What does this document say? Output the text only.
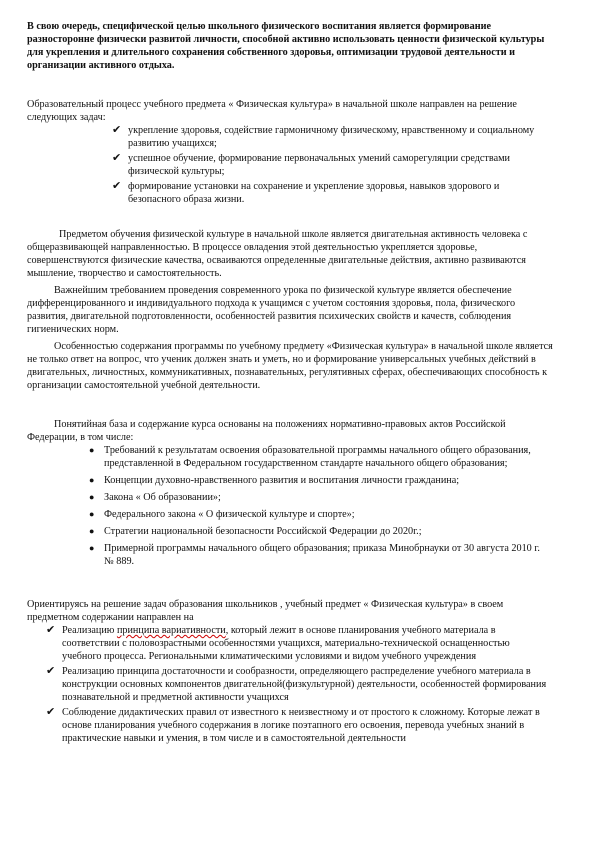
В свою очередь, специфической целью школьного физического воспитания является формирование разносторонне физически развитой личности, способной активно использовать ценности физической культуры для укрепления и длительного сохранения собственного здоровья, оптимизации трудовой деятельности и организации активного отдыха.

Образовательный процесс учебного предмета « Физическая культура» в начальной школе направлен на решение следующих задач:

✔ укрепление здоровья, содействие гармоничному физическому, нравственному и социальному развитию учащихся;
✔ успешное обучение, формирование первоначальных умений саморегуляции средствами физической культуры;
✔ формирование установки на сохранение и укрепление здоровья, навыков здорового и безопасного образа жизни.

Предметом обучения физической культуре в начальной школе является двигательная активность человека с общеразвивающей направленностью. В процессе овладения этой деятельностью укрепляется здоровье, совершенствуются физические качества, осваиваются определенные двигательные действия, активно развиваются мышление, творчество и самостоятельность.

Важнейшим требованием проведения современного урока по физической культуре является обеспечение дифференцированного и индивидуального подхода к учащимся с учетом состояния здоровья, пола, физического развития, двигательной подготовленности, особенностей развития психических свойств и качеств, соблюдения гигиенических норм.

Особенностью содержания программы по учебному предмету «Физическая культура» в начальной школе является не только ответ на вопрос, что ученик должен знать и уметь, но и формирование универсальных учебных действий в двигательных, личностных, коммуникативных, познавательных, регулятивных сферах, обеспечивающих способность к организации самостоятельной учебной деятельности.

Понятийная база и содержание курса основаны на положениях нормативно-правовых актов Российской Федерации, в том числе:

● Требований к результатам освоения образовательной программы начального общего образования, представленной в Федеральном государственном стандарте начального общего образования;
● Концепции духовно-нравственного развития и воспитания личности гражданина;
● Закона « Об образовании»;
● Федерального закона « О физической культуре и спорте»;
● Стратегии национальной безопасности Российской Федерации до 2020г.;
● Примерной программы начального общего образования; приказа Минобрнауки от 30 августа 2010 г. № 889.

Ориентируясь на решение задач образования школьников , учебный предмет « Физическая культура» в своем предметном содержании направлен на

✔ Реализацию принципа вариативности, который лежит в основе планирования учебного материала в соответствии с половозрастными особенностями учащихся, материально-технической оснащенностью учебного процесса. Региональными климатическими условиями и видом учебного учреждения
✔ Реализацию принципа достаточности и сообразности, определяющего распределение учебного материала в конструкции основных компонентов двигательной(физкультурной) деятельности, особенностей формирования познавательной и предметной активности учащихся
✔ Соблюдение дидактических правил от известного к неизвестному и от простого к сложному. Которые лежат в основе планирования учебного содержания в логике поэтапного его освоения, перевода учебных знаний в практические навыки и умения, в том числе и в самостоятельной деятельности
